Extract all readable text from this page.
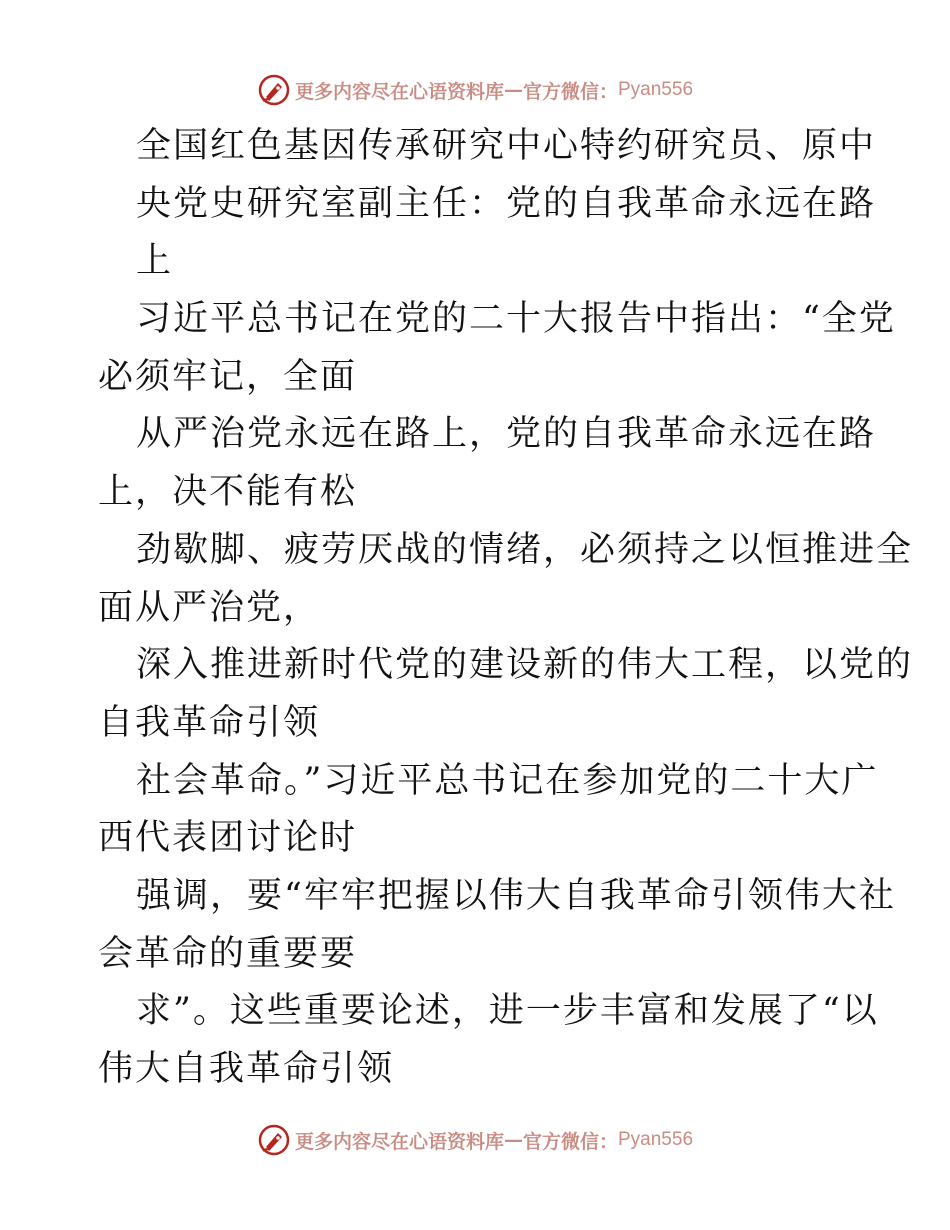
更多内容尽在心语资料库 — 官方微信： Pyan556
全国红色基因传承研究中心特约研究员、原中
央党史研究室副主任：党的自我革命永远在路
上
习近平总书记在党的二十大报告中指出：“全党
必须牢记，全面
从严治党永远在路上，党的自我革命永远在路
上，决不能有松
劲歇脚、疲劳厌战的情绪，必须持之以恒推进全
面从严治党，
深入推进新时代党的建设新的伟大工程，以党的
自我革命引领
社会革命。”习近平总书记在参加党的二十大广
西代表团讨论时
强调，要“牢牢把握以伟大自我革命引领伟大社
会革命的重要要
求”。这些重要论述，进一步丰富和发展了“以
伟大自我革命引领
更多内容尽在心语资料库 — 官方微信： Pyan556
